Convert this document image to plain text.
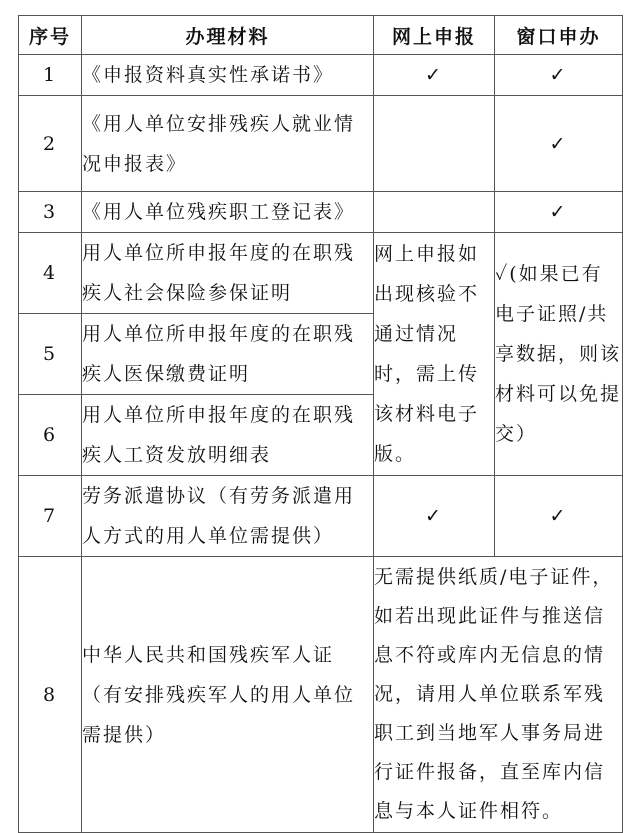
序号	办理材料	网上申报	窗口申办
1	《申报资料真实性承诺书》	✓	✓
2	《用人单位安排残疾人就业情况申报表》		✓
3	《用人单位残疾职工登记表》		✓
4	用人单位所申报年度的在职残疾人社会保险参保证明	网上申报如出现核验不通过情况时，需上传该材料电子版。	✓(如果已有电子证照/共享数据，则该材料可以免提交）
5	用人单位所申报年度的在职残疾人医保缴费证明		
6	用人单位所申报年度的在职残疾人工资发放明细表		
7	劳务派遣协议（有劳务派遣用人方式的用人单位需提供）	✓	✓
8	中华人民共和国残疾军人证（有安排残疾军人的用人单位需提供）	无需提供纸质/电子证件，如若出现此证件与推送信息不符或库内无信息的情况，请用人单位联系军残职工到当地军人事务局进行证件报备，直至库内信息与本人证件相符。	
